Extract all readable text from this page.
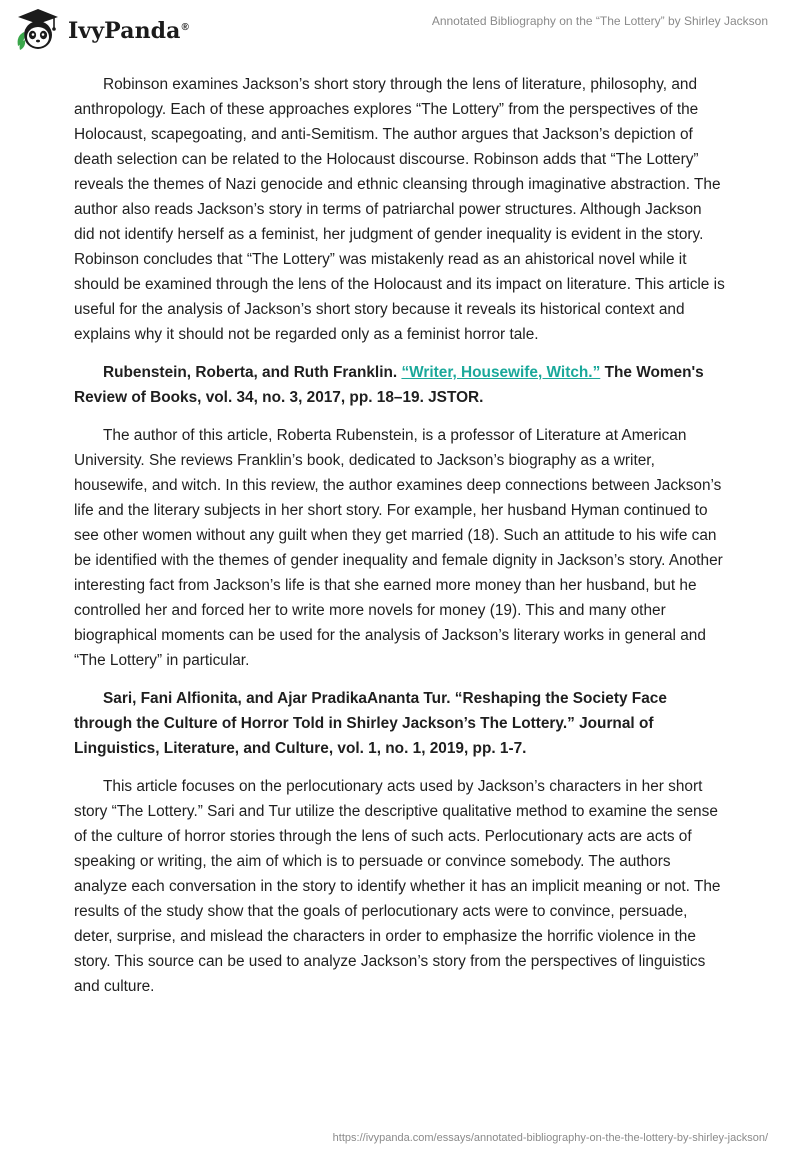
IvyPanda®	Annotated Bibliography on the “The Lottery” by Shirley Jackson

Robinson examines Jackson’s short story through the lens of literature, philosophy, and anthropology. Each of these approaches explores “The Lottery” from the perspectives of the Holocaust, scapegoating, and anti-Semitism. The author argues that Jackson’s depiction of death selection can be related to the Holocaust discourse. Robinson adds that “The Lottery” reveals the themes of Nazi genocide and ethnic cleansing through imaginative abstraction. The author also reads Jackson’s story in terms of patriarchal power structures. Although Jackson did not identify herself as a feminist, her judgment of gender inequality is evident in the story. Robinson concludes that “The Lottery” was mistakenly read as an ahistorical novel while it should be examined through the lens of the Holocaust and its impact on literature. This article is useful for the analysis of Jackson’s short story because it reveals its historical context and explains why it should not be regarded only as a feminist horror tale.

Rubenstein, Roberta, and Ruth Franklin. “Writer, Housewife, Witch.” The Women's Review of Books, vol. 34, no. 3, 2017, pp. 18–19. JSTOR.

The author of this article, Roberta Rubenstein, is a professor of Literature at American University. She reviews Franklin’s book, dedicated to Jackson’s biography as a writer, housewife, and witch. In this review, the author examines deep connections between Jackson’s life and the literary subjects in her short story. For example, her husband Hyman continued to see other women without any guilt when they get married (18). Such an attitude to his wife can be identified with the themes of gender inequality and female dignity in Jackson’s story. Another interesting fact from Jackson’s life is that she earned more money than her husband, but he controlled her and forced her to write more novels for money (19). This and many other biographical moments can be used for the analysis of Jackson’s literary works in general and “The Lottery” in particular.

Sari, Fani Alfionita, and Ajar PradikaAnanta Tur. “Reshaping the Society Face through the Culture of Horror Told in Shirley Jackson’s The Lottery.” Journal of Linguistics, Literature, and Culture, vol. 1, no. 1, 2019, pp. 1-7.

This article focuses on the perlocutionary acts used by Jackson’s characters in her short story “The Lottery.” Sari and Tur utilize the descriptive qualitative method to examine the sense of the culture of horror stories through the lens of such acts. Perlocutionary acts are acts of speaking or writing, the aim of which is to persuade or convince somebody. The authors analyze each conversation in the story to identify whether it has an implicit meaning or not. The results of the study show that the goals of perlocutionary acts were to convince, persuade, deter, surprise, and mislead the characters in order to emphasize the horrific violence in the story. This source can be used to analyze Jackson’s story from the perspectives of linguistics and culture.

https://ivypanda.com/essays/annotated-bibliography-on-the-the-lottery-by-shirley-jackson/
